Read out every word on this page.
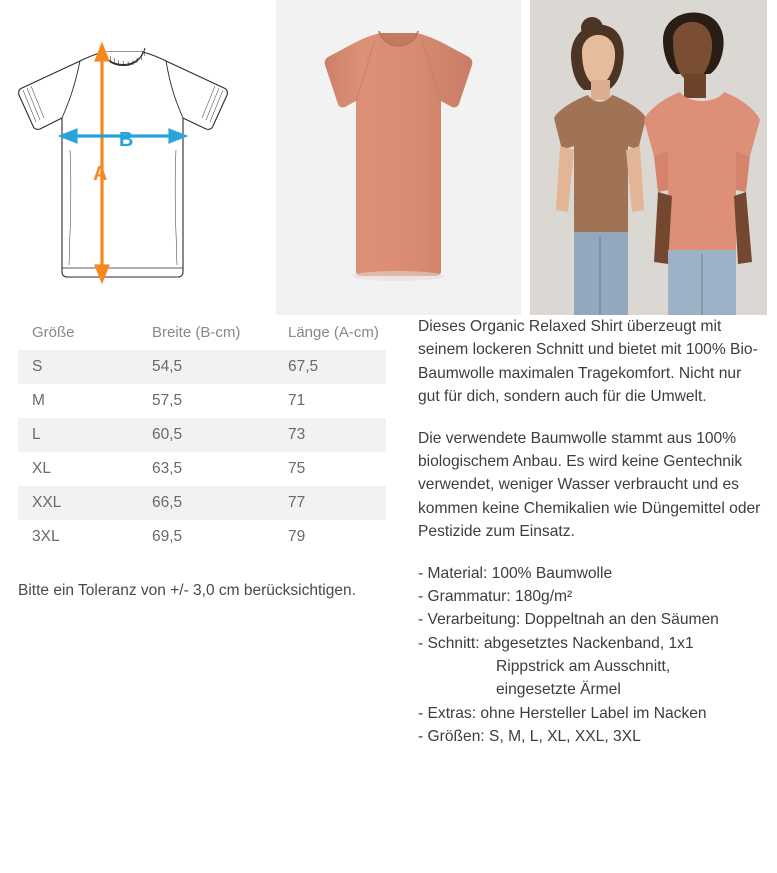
B
A
Größe	Breite (B-cm)	Länge (A-cm)
S	54,5	67,5
M	57,5	71
L	60,5	73
XL	63,5	75
XXL	66,5	77
3XL	69,5	79
Bitte ein Toleranz von +/- 3,0 cm berücksichtigen.

Dieses Organic Relaxed Shirt überzeugt mit seinem lockeren Schnitt und bietet mit 100% Bio-Baumwolle maximalen Tragekomfort. Nicht nur gut für dich, sondern auch für die Umwelt.

Die verwendete Baumwolle stammt aus 100% biologischem Anbau. Es wird keine Gentechnik verwendet, weniger Wasser verbraucht und es kommen keine Chemikalien wie Düngemittel oder Pestizide zum Einsatz.

- Material: 100% Baumwolle
- Grammatur: 180g/m²
- Verarbeitung: Doppeltnah an den Säumen
- Schnitt: abgesetztes Nackenband, 1x1
Rippstrick am Ausschnitt,
eingesetzte Ärmel
- Extras: ohne Hersteller Label im Nacken
- Größen: S, M, L, XL, XXL, 3XL
